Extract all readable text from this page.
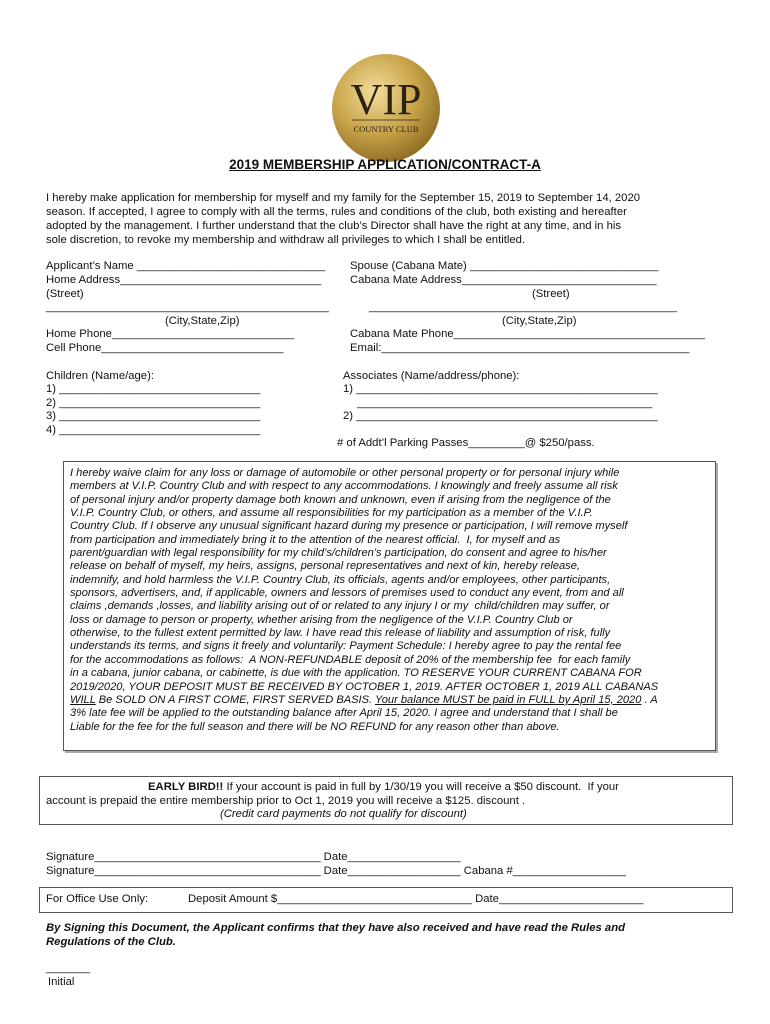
VIP
COUNTRY CLUB
2019 MEMBERSHIP APPLICATION/CONTRACT-A
I hereby make application for membership for myself and my family for the September 15, 2019 to September 14, 2020
season. If accepted, I agree to comply with all the terms, rules and conditions of the club, both existing and hereafter
adopted by the management. I further understand that the club’s Director shall have the right at any time, and in his
sole discretion, to revoke my membership and withdraw all privileges to which I shall be entitled.
Applicant’s Name ______________________________
Home Address________________________________
(Street)
_____________________________________________
(City,State,Zip)
Home Phone_____________________________
Cell Phone_____________________________
Spouse (Cabana Mate) ______________________________
Cabana Mate Address_______________________________
(Street)
_________________________________________________
(City,State,Zip)
Cabana Mate Phone________________________________________
Email:_________________________________________________
Children (Name/age):
1) ________________________________
2) ________________________________
3) ________________________________
4) ________________________________
Associates (Name/address/phone):
1) ________________________________________________
_______________________________________________
2) ________________________________________________
# of Addt’l Parking Passes_________@ $250/pass.
I hereby waive claim for any loss or damage of automobile or other personal property or for personal injury while
members at V.I.P. Country Club and with respect to any accommodations. I knowingly and freely assume all risk
of personal injury and/or property damage both known and unknown, even if arising from the negligence of the
V.I.P. Country Club, or others, and assume all responsibilities for my participation as a member of the V.I.P.
Country Club. If I observe any unusual significant hazard during my presence or participation, I will remove myself
from participation and immediately bring it to the attention of the nearest official.  I, for myself and as
parent/guardian with legal responsibility for my child’s/children’s participation, do consent and agree to his/her
release on behalf of myself, my heirs, assigns, personal representatives and next of kin, hereby release,
indemnify, and hold harmless the V.I.P. Country Club, its officials, agents and/or employees, other participants,
sponsors, advertisers, and, if applicable, owners and lessors of premises used to conduct any event, from and all
claims ,demands ,losses, and liability arising out of or related to any injury I or my  child/children may suffer, or
loss or damage to person or property, whether arising from the negligence of the V.I.P. Country Club or
otherwise, to the fullest extent permitted by law. I have read this release of liability and assumption of risk, fully
understands its terms, and signs it freely and voluntarily: Payment Schedule: I hereby agree to pay the rental fee
for the accommodations as follows:  A NON-REFUNDABLE deposit of 20% of the membership fee  for each family
in a cabana, junior cabana, or cabinette, is due with the application. TO RESERVE YOUR CURRENT CABANA FOR
2019/2020, YOUR DEPOSIT MUST BE RECEIVED BY OCTOBER 1, 2019. AFTER OCTOBER 1, 2019 ALL CABANAS
WILL Be SOLD ON A FIRST COME, FIRST SERVED BASIS. Your balance MUST be paid in FULL by April 15, 2020 . A
3% late fee will be applied to the outstanding balance after April 15, 2020. I agree and understand that I shall be
Liable for the fee for the full season and there will be NO REFUND for any reason other than above.
EARLY BIRD!! If your account is paid in full by 1/30/19 you will receive a $50 discount.  If your
account is prepaid the entire membership prior to Oct 1, 2019 you will receive a $125. discount .
(Credit card payments do not qualify for discount)
Signature____________________________________ Date__________________
Signature____________________________________ Date__________________ Cabana #__________________
For Office Use Only:	Deposit Amount $_______________________________ Date_______________________
By Signing this Document, the Applicant confirms that they have also received and have read the Rules and
Regulations of the Club.
_______
Initial
